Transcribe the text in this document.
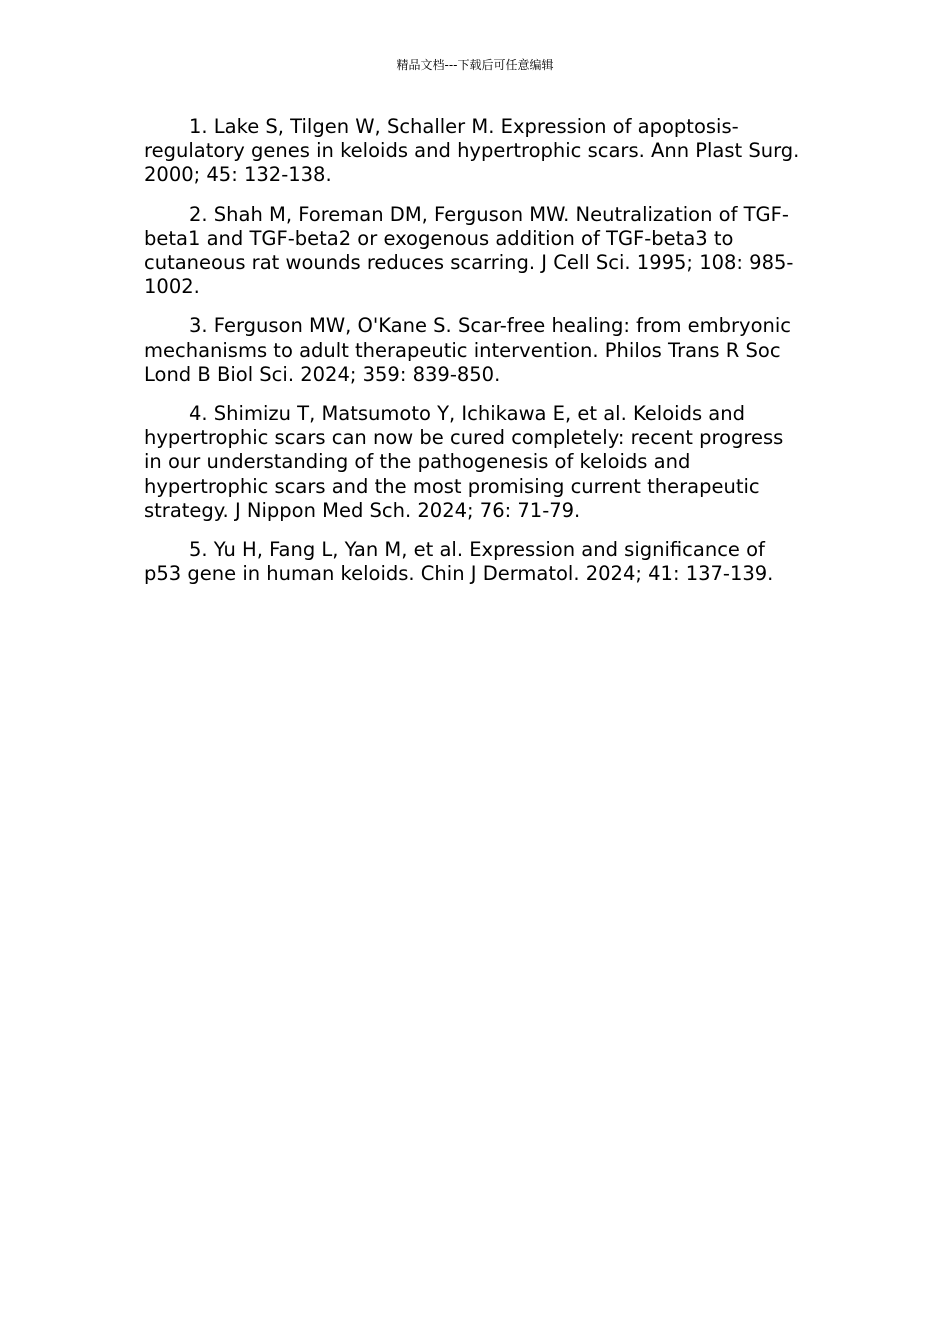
精品文档---下载后可任意编辑

1. Lake S, Tilgen W, Schaller M. Expression of apoptosis-regulatory genes in keloids and hypertrophic scars. Ann Plast Surg. 2000; 45: 132-138.

2. Shah M, Foreman DM, Ferguson MW. Neutralization of TGF-beta1 and TGF-beta2 or exogenous addition of TGF-beta3 to cutaneous rat wounds reduces scarring. J Cell Sci. 1995; 108: 985-1002.

3. Ferguson MW, O'Kane S. Scar-free healing: from embryonic mechanisms to adult therapeutic intervention. Philos Trans R Soc Lond B Biol Sci. 2024; 359: 839-850.

4. Shimizu T, Matsumoto Y, Ichikawa E, et al. Keloids and hypertrophic scars can now be cured completely: recent progress in our understanding of the pathogenesis of keloids and hypertrophic scars and the most promising current therapeutic strategy. J Nippon Med Sch. 2024; 76: 71-79.

5. Yu H, Fang L, Yan M, et al. Expression and significance of p53 gene in human keloids. Chin J Dermatol. 2024; 41: 137-139.
